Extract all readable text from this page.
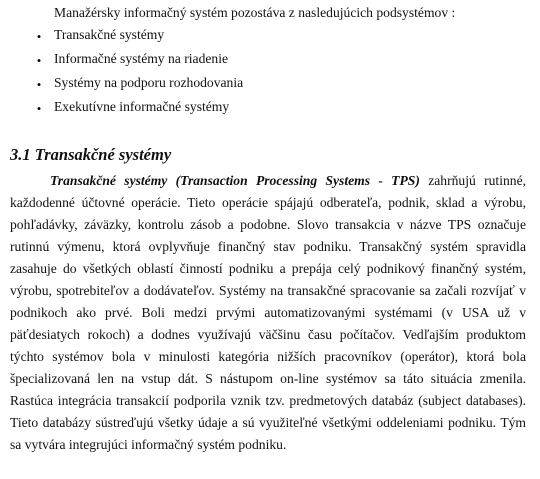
Manažérsky informačný systém pozostáva z nasledujúcich podsystémov :
• Transakčné systémy
• Informačné systémy na riadenie
• Systémy na podporu rozhodovania
• Exekutívne informačné systémy
3.1 Transakčné systémy
Transakčné systémy (Transaction Processing Systems - TPS) zahrňujú rutinné,
každodenné účtovné operácie. Tieto operácie spájajú odberateľa, podnik, sklad a výrobu,
pohľadávky, záväzky, kontrolu zásob a podobne. Slovo transakcia v názve TPS označuje
rutinnú výmenu, ktorá ovplyvňuje finančný stav podniku. Transakčný systém spravidla
zasahuje do všetkých oblastí činností podniku a prepája celý podnikový finančný systém,
výrobu, spotrebiteľov a dodávateľov. Systémy na transakčné spracovanie sa začali rozvíjať v
podnikoch ako prvé. Boli medzi prvými automatizovanými systémami (v USA už v
päťdesiatych rokoch) a dodnes využívajú väčšinu času počítačov. Vedľajším produktom
týchto systémov bola v minulosti kategória nižších pracovníkov (operátor), ktorá bola
špecializovaná len na vstup dát. S nástupom on-line systémov sa táto situácia zmenila.
Rastúca integrácia transakcií podporila vznik tzv. predmetových databáz (subject databases).
Tieto databázy sústreďujú všetky údaje a sú využiteľné všetkými oddeleniami podniku. Tým
sa vytvára integrujúci informačný systém podniku.
